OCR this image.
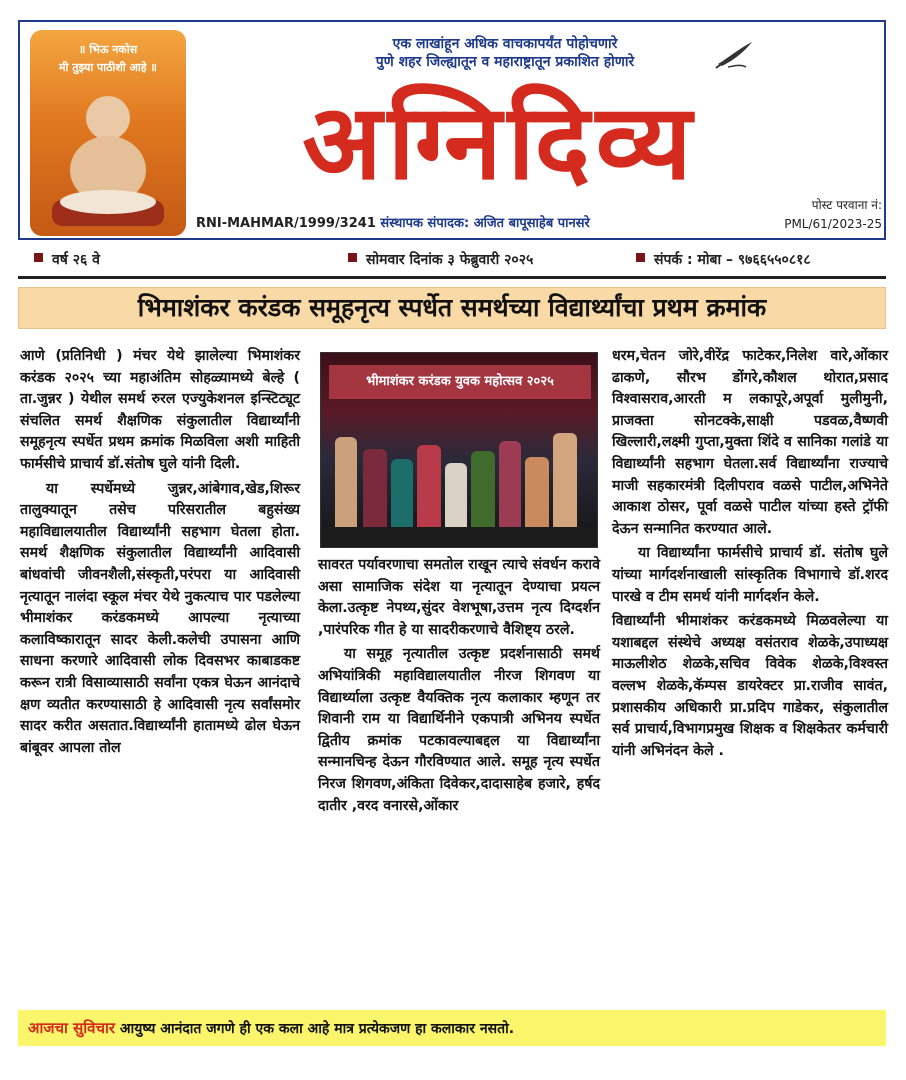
॥ भिऊ नकोस
मी तुझ्या पाठीशी आहे ॥
एक लाखांहून अधिक वाचकापर्यंत पोहोचणारे
पुणे शहर जिल्ह्यातून व महाराष्ट्रातून प्रकाशित होणारे
अग्निदिव्य
RNI-MAHMAR/1999/3241 संस्थापक संपादक: अजित बापूसाहेब पानसरे
पोस्ट परवाना नं:
PML/61/2023-25
वर्ष २६ वे	सोमवार दिनांक ३ फेब्रुवारी २०२५	संपर्क : मोबा – ९७६६५५०८१८
भिमाशंकर करंडक समूहनृत्य स्पर्धेत समर्थच्या विद्यार्थ्यांचा प्रथम क्रमांक

आणे (प्रतिनिधी ) मंचर येथे झालेल्या भिमाशंकर करंडक २०२५ च्या महाअंतिम सोहळ्यामध्ये बेल्हे ( ता.जुन्नर ) येथील समर्थ रुरल एज्युकेशनल इन्स्टिट्यूट संचलित समर्थ शैक्षणिक संकुलातील विद्यार्थ्यांनी समूहनृत्य स्पर्धेत प्रथम क्रमांक मिळविला अशी माहिती फार्मसीचे प्राचार्य डॉ.संतोष घुले यांनी दिली.

या स्पर्धेमध्ये जुन्नर,आंबेगाव,खेड,शिरूर तालुक्यातून तसेच परिसरातील बहुसंख्य महाविद्यालयातील विद्यार्थ्यांनी सहभाग घेतला होता. समर्थ शैक्षणिक संकुलातील विद्यार्थ्यांनी आदिवासी बांधवांची जीवनशैली,संस्कृती,परंपरा या आदिवासी नृत्यातून नालंदा स्कूल मंचर येथे नुकत्याच पार पडलेल्या भीमाशंकर करंडकमध्ये आपल्या नृत्याच्या कलाविष्कारातून सादर केली.कलेची उपासना आणि साधना करणारे आदिवासी लोक दिवसभर काबाडकष्ट करून रात्री विसाव्यासाठी सर्वांना एकत्र घेऊन आनंदाचे क्षण व्यतीत करण्यासाठी हे आदिवासी नृत्य सर्वांसमोर सादर करीत असतात.विद्यार्थ्यांनी हातामध्ये ढोल घेऊन बांबूवर आपला तोल

भीमाशंकर करंडक युवक महोत्सव २०२५

सावरत पर्यावरणाचा समतोल राखून त्याचे संवर्धन करावे असा सामाजिक संदेश या नृत्यातून देण्याचा प्रयत्न केला.उत्कृष्ट नेपथ्य,सुंदर वेशभूषा,उत्तम नृत्य दिग्दर्शन ,पारंपरिक गीत हे या सादरीकरणाचे वैशिष्ट्य ठरले.

या समूह नृत्यातील उत्कृष्ट प्रदर्शनासाठी समर्थ अभियांत्रिकी महाविद्यालयातील नीरज शिगवण या विद्यार्थ्याला उत्कृष्ट वैयक्तिक नृत्य कलाकार म्हणून तर शिवानी राम या विद्यार्थिनीने एकपात्री अभिनय स्पर्धेत द्वितीय क्रमांक पटकावल्याबद्दल या विद्यार्थ्यांना सन्मानचिन्ह देऊन गौरविण्यात आले. समूह नृत्य स्पर्धेत निरज शिगवण,अंकिता दिवेकर,दादासाहेब हजारे, हर्षद दातीर ,वरद वनारसे,ओंकार

धरम,चेतन जोरे,वीरेंद्र फाटेकर,निलेश वारे,ओंकार ढाकणे, सौरभ डोंगरे,कौशल थोरात,प्रसाद विश्वासराव,आरती म लकापूरे,अपूर्वा मुलीमुनी, प्राजक्ता सोनटक्के,साक्षी पडवळ,वैष्णवी खिल्लारी,लक्ष्मी गुप्ता,मुक्ता शिंदे व सानिका गलांडे या विद्यार्थ्यांनी सहभाग घेतला.सर्व विद्यार्थ्यांना राज्याचे माजी सहकारमंत्री दिलीपराव वळसे पाटील,अभिनेते आकाश ठोसर, पूर्वा वळसे पाटील यांच्या हस्ते ट्रॉफी देऊन सन्मानित करण्यात आले.

या विद्यार्थ्यांना फार्मसीचे प्राचार्य डॉ. संतोष घुले यांच्या मार्गदर्शनाखाली सांस्कृतिक विभागाचे डॉ.शरद पारखे व टीम समर्थ यांनी मार्गदर्शन केले.

विद्यार्थ्यांनी भीमाशंकर करंडकमध्ये मिळवलेल्या या यशाबद्दल संस्थेचे अध्यक्ष वसंतराव शेळके,उपाध्यक्ष माऊलीशेठ शेळके,सचिव विवेक शेळके,विश्वस्त वल्लभ शेळके,कॅम्पस डायरेक्टर प्रा.राजीव सावंत, प्रशासकीय अधिकारी प्रा.प्रदिप गाडेकर, संकुलातील सर्व प्राचार्य,विभागप्रमुख शिक्षक व शिक्षकेतर कर्मचारी यांनी अभिनंदन केले .

आजचा सुविचार आयुष्य आनंदात जगणे ही एक कला आहे मात्र प्रत्येकजण हा कलाकार नसतो.
